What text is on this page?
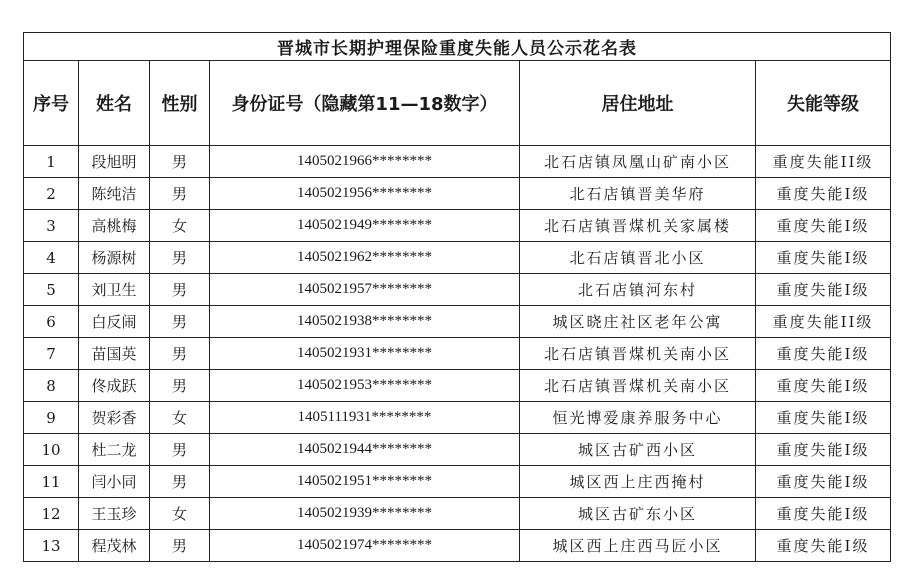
晋城市长期护理保险重度失能人员公示花名表					
序号	姓名	性别	身份证号（隐藏第11—18数字）	居住地址	失能等级
1	段旭明	男	1405021966********	北石店镇凤凰山矿南小区	重度失能II级
2	陈纯洁	男	1405021956********	北石店镇晋美华府	重度失能Ⅰ级
3	高桃梅	女	1405021949********	北石店镇晋煤机关家属楼	重度失能Ⅰ级
4	杨源树	男	1405021962********	北石店镇晋北小区	重度失能Ⅰ级
5	刘卫生	男	1405021957********	北石店镇河东村	重度失能Ⅰ级
6	白反闹	男	1405021938********	城区晓庄社区老年公寓	重度失能II级
7	苗国英	男	1405021931********	北石店镇晋煤机关南小区	重度失能Ⅰ级
8	佟成跃	男	1405021953********	北石店镇晋煤机关南小区	重度失能Ⅰ级
9	贺彩香	女	1405111931********	恒光博爱康养服务中心	重度失能Ⅰ级
10	杜二龙	男	1405021944********	城区古矿西小区	重度失能Ⅰ级
11	闫小同	男	1405021951********	城区西上庄西掩村	重度失能Ⅰ级
12	王玉珍	女	1405021939********	城区古矿东小区	重度失能Ⅰ级
13	程茂林	男	1405021974********	城区西上庄西马匠小区	重度失能Ⅰ级
